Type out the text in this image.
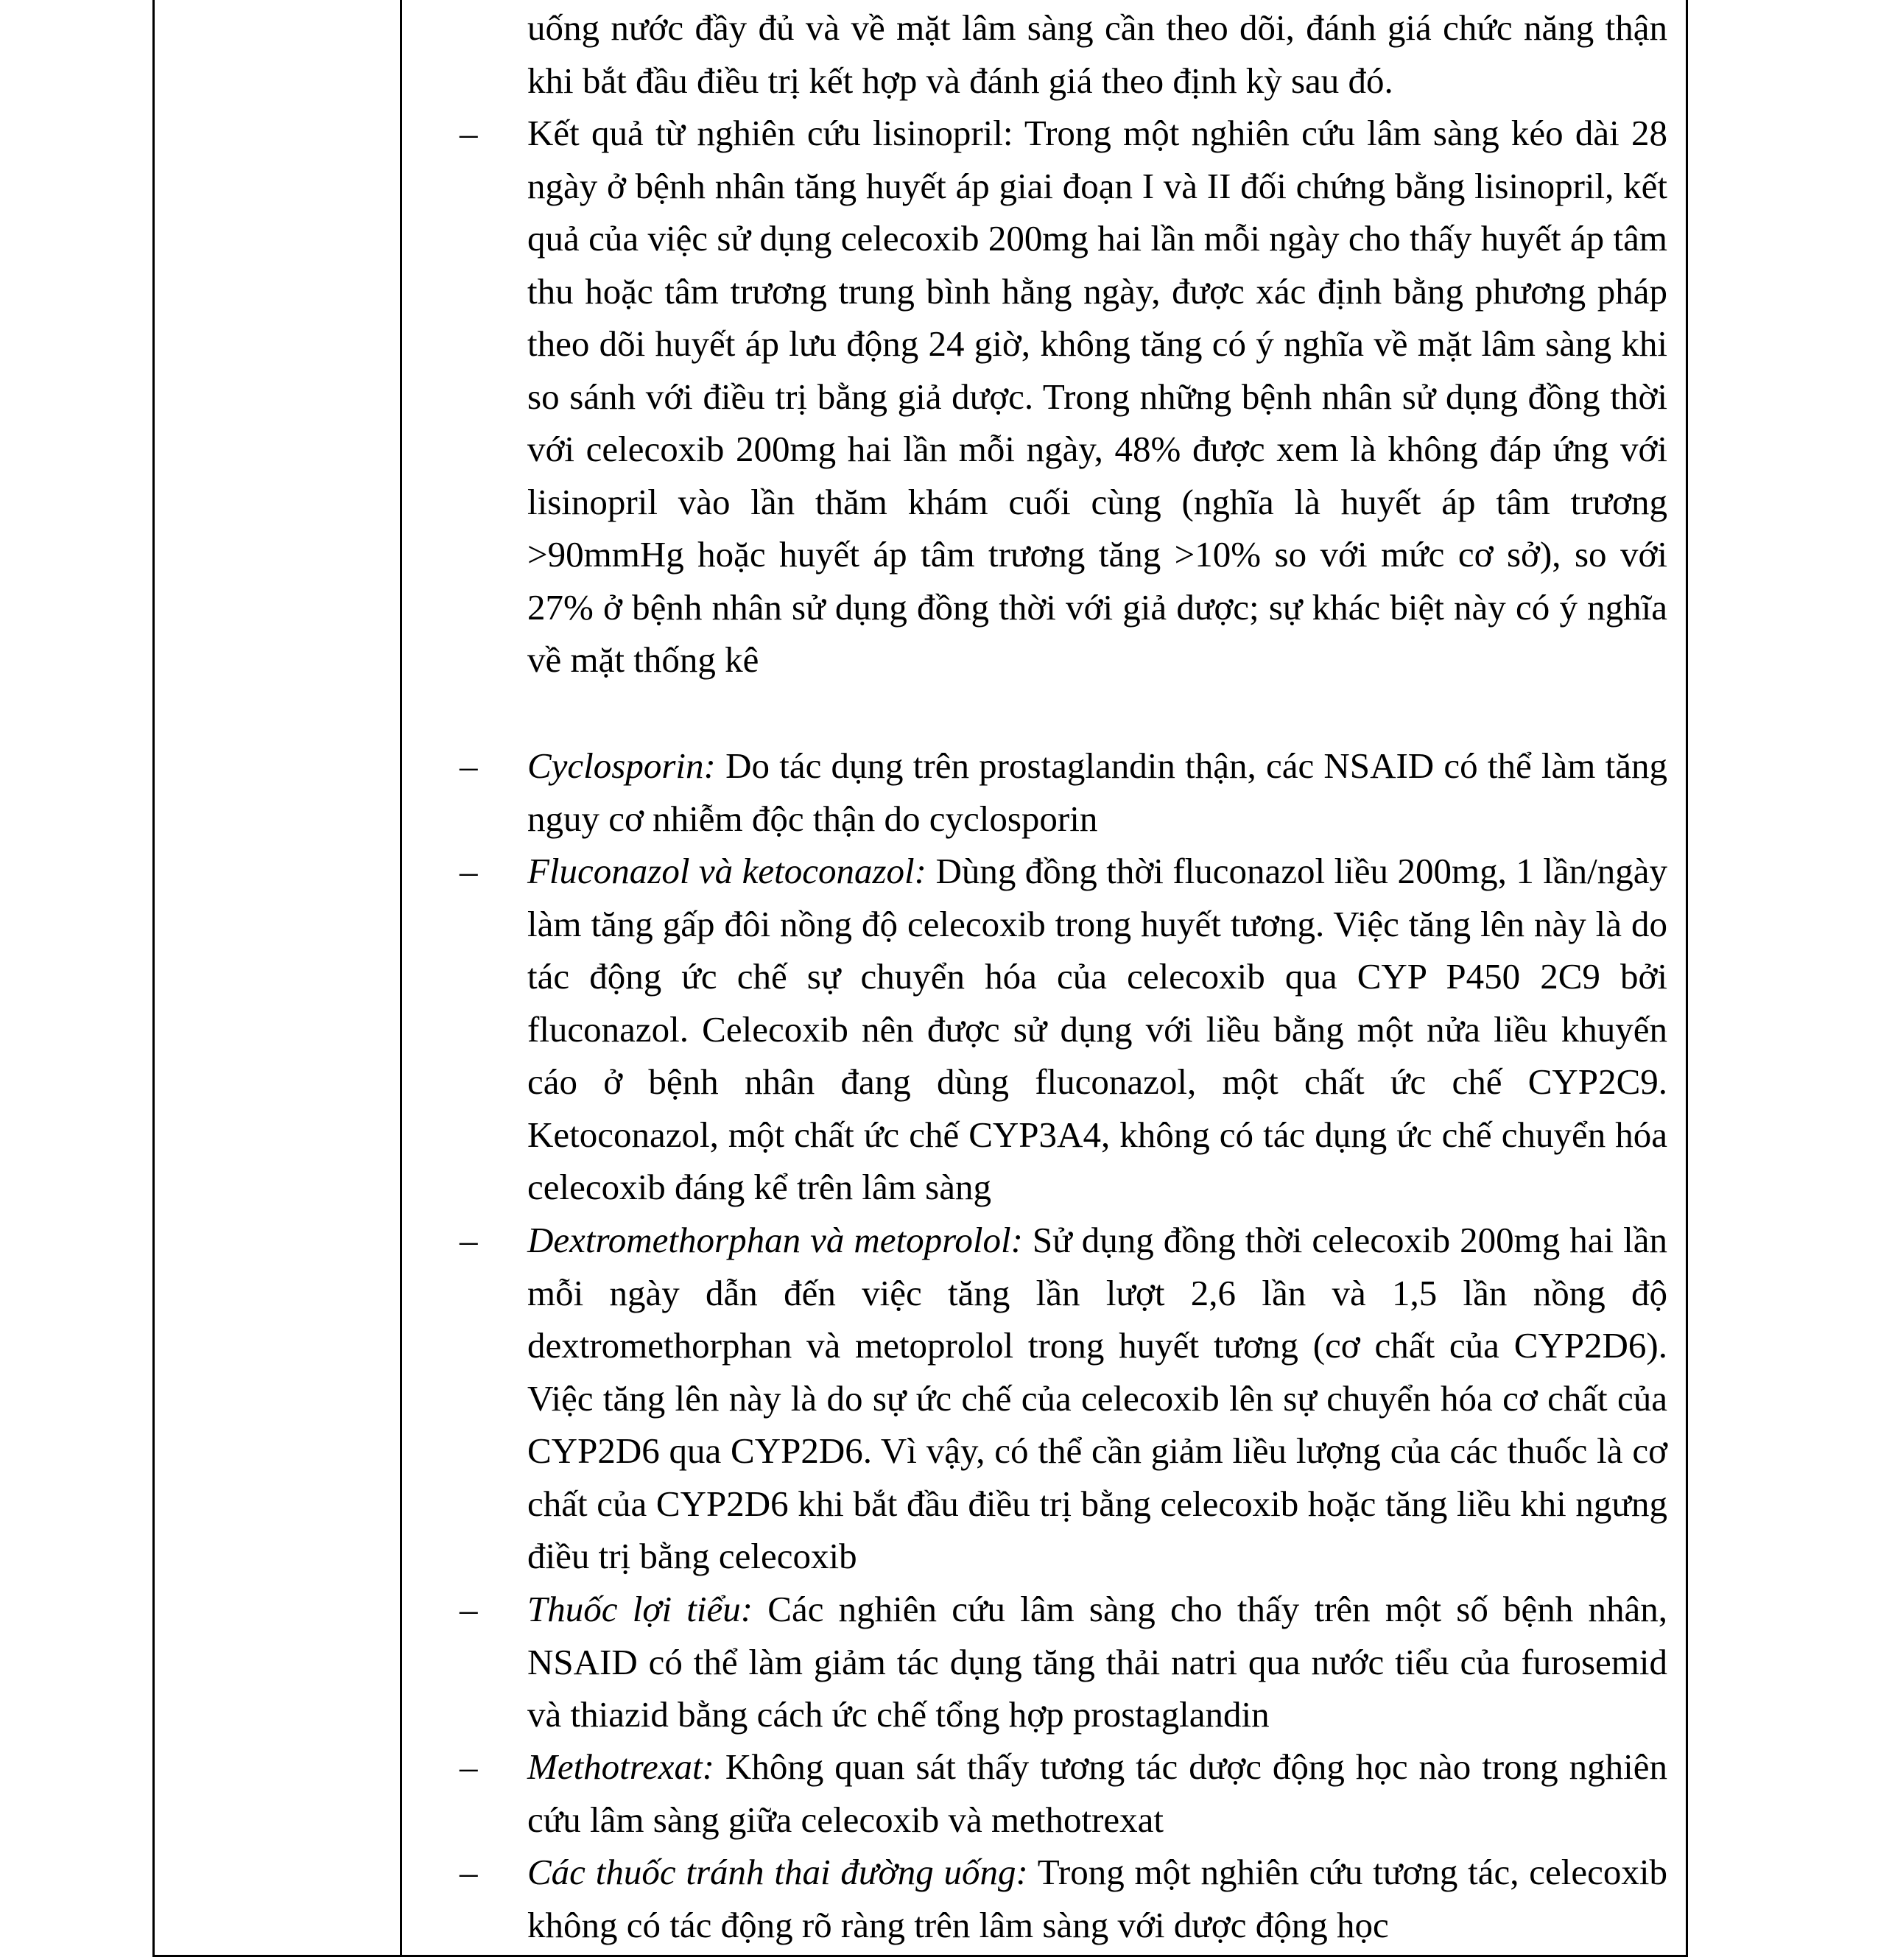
uống nước đầy đủ và về mặt lâm sàng cần theo dõi, đánh giá chức năng thận khi bắt đầu điều trị kết hợp và đánh giá theo định kỳ sau đó.
– Kết quả từ nghiên cứu lisinopril: Trong một nghiên cứu lâm sàng kéo dài 28 ngày ở bệnh nhân tăng huyết áp giai đoạn I và II đối chứng bằng lisinopril, kết quả của việc sử dụng celecoxib 200mg hai lần mỗi ngày cho thấy huyết áp tâm thu hoặc tâm trương trung bình hằng ngày, được xác định bằng phương pháp theo dõi huyết áp lưu động 24 giờ, không tăng có ý nghĩa về mặt lâm sàng khi so sánh với điều trị bằng giả dược. Trong những bệnh nhân sử dụng đồng thời với celecoxib 200mg hai lần mỗi ngày, 48% được xem là không đáp ứng với lisinopril vào lần thăm khám cuối cùng (nghĩa là huyết áp tâm trương >90mmHg hoặc huyết áp tâm trương tăng >10% so với mức cơ sở), so với 27% ở bệnh nhân sử dụng đồng thời với giả dược; sự khác biệt này có ý nghĩa về mặt thống kê
– Cyclosporin: Do tác dụng trên prostaglandin thận, các NSAID có thể làm tăng nguy cơ nhiễm độc thận do cyclosporin
– Fluconazol và ketoconazol: Dùng đồng thời fluconazol liều 200mg, 1 lần/ngày làm tăng gấp đôi nồng độ celecoxib trong huyết tương. Việc tăng lên này là do tác động ức chế sự chuyển hóa của celecoxib qua CYP P450 2C9 bởi fluconazol. Celecoxib nên được sử dụng với liều bằng một nửa liều khuyến cáo ở bệnh nhân đang dùng fluconazol, một chất ức chế CYP2C9. Ketoconazol, một chất ức chế CYP3A4, không có tác dụng ức chế chuyển hóa celecoxib đáng kể trên lâm sàng
– Dextromethorphan và metoprolol: Sử dụng đồng thời celecoxib 200mg hai lần mỗi ngày dẫn đến việc tăng lần lượt 2,6 lần và 1,5 lần nồng độ dextromethorphan và metoprolol trong huyết tương (cơ chất của CYP2D6). Việc tăng lên này là do sự ức chế của celecoxib lên sự chuyển hóa cơ chất của CYP2D6 qua CYP2D6. Vì vậy, có thể cần giảm liều lượng của các thuốc là cơ chất của CYP2D6 khi bắt đầu điều trị bằng celecoxib hoặc tăng liều khi ngưng điều trị bằng celecoxib
– Thuốc lợi tiểu: Các nghiên cứu lâm sàng cho thấy trên một số bệnh nhân, NSAID có thể làm giảm tác dụng tăng thải natri qua nước tiểu của furosemid và thiazid bằng cách ức chế tổng hợp prostaglandin
– Methotrexat: Không quan sát thấy tương tác dược động học nào trong nghiên cứu lâm sàng giữa celecoxib và methotrexat
– Các thuốc tránh thai đường uống: Trong một nghiên cứu tương tác, celecoxib không có tác động rõ ràng trên lâm sàng với dược động học
